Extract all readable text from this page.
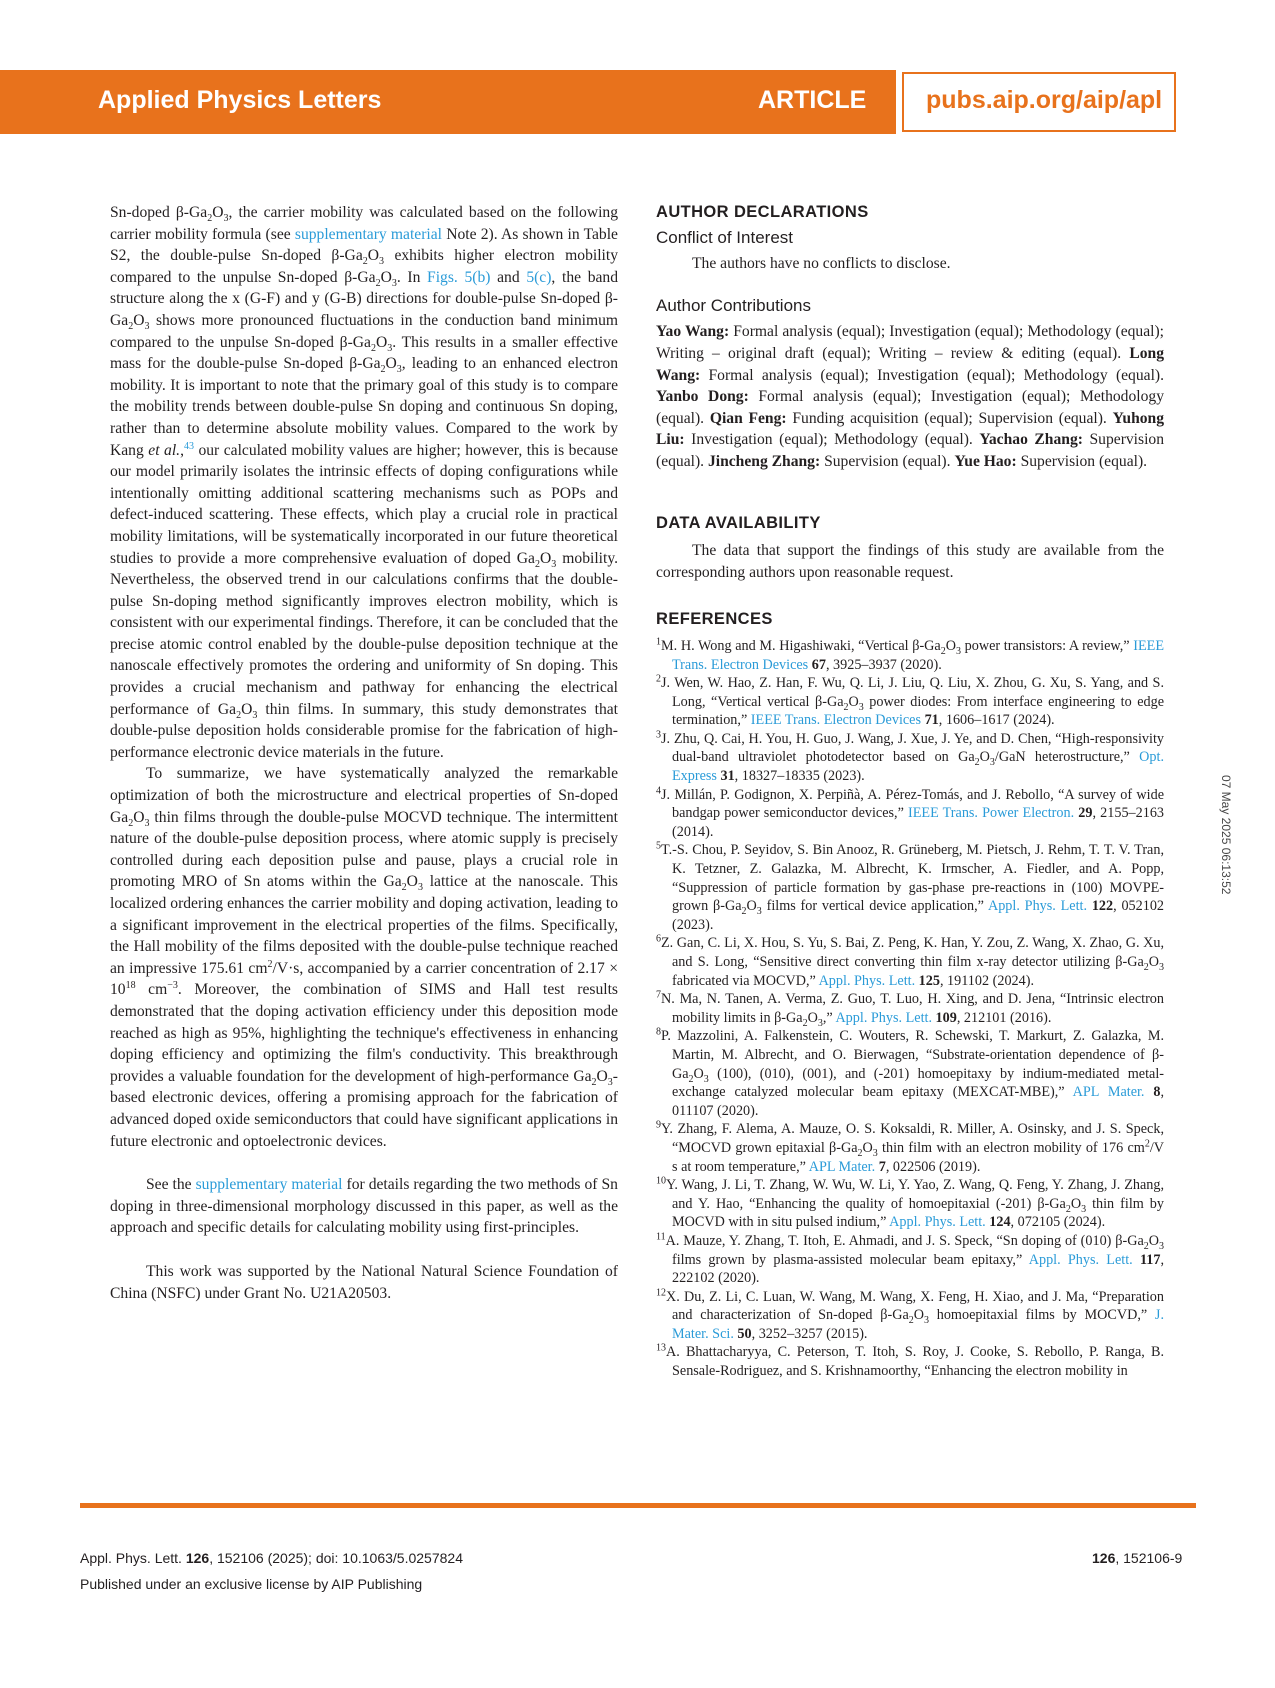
Applied Physics Letters	ARTICLE pubs.aip.org/aip/apl

Sn-doped $\beta-Ga_2O_3$, the carrier mobility was calculated based on the following carrier mobility formula (see supplementary material Note 2). As shown in Table S2, the double-pulse Sn-doped $\beta-Ga_2O_3$ exhibits higher electron mobility compared to the unpulse Sn-doped $\beta-Ga_2O_3$. In Figs. 5(b) and 5(c), the band structure along the x (G-F) and y (G-B) directions for double-pulse Sn-doped $\beta-Ga_2O_3$ shows more pronounced fluctuations in the conduction band minimum compared to the unpulse Sn-doped $\beta-Ga_2O_3$. This results in a smaller effective mass for the double-pulse Sn-doped $\beta-Ga_2O_3$, leading to an enhanced electron mobility. It is important to note that the primary goal of this study is to compare the mobility trends between double-pulse Sn doping and continuous Sn doping, rather than to determine absolute mobility values. Compared to the work by Kang et al.,$^{43}$ our calculated mobility values are higher; however, this is because our model primarily isolates the intrinsic effects of doping configurations while intentionally omitting additional scattering mechanisms such as POPs and defect-induced scattering. These effects, which play a crucial role in practical mobility limitations, will be systematically incorporated in our future theoretical studies to provide a more comprehensive evaluation of doped $Ga_2O_3$ mobility. Nevertheless, the observed trend in our calculations confirms that the double-pulse Sn-doping method significantly improves electron mobility, which is consistent with our experimental findings. Therefore, it can be concluded that the precise atomic control enabled by the double-pulse deposition technique at the nanoscale effectively promotes the ordering and uniformity of Sn doping. This provides a crucial mechanism and pathway for enhancing the electrical performance of $Ga_2O_3$ thin films. In summary, this study demonstrates that double-pulse deposition holds considerable promise for the fabrication of high-performance electronic device materials in the future.

To summarize, we have systematically analyzed the remarkable optimization of both the microstructure and electrical properties of Sn-doped $Ga_2O_3$ thin films through the double-pulse MOCVD technique. The intermittent nature of the double-pulse deposition process, where atomic supply is precisely controlled during each deposition pulse and pause, plays a crucial role in promoting MRO of Sn atoms within the $Ga_2O_3$ lattice at the nanoscale. This localized ordering enhances the carrier mobility and doping activation, leading to a significant improvement in the electrical properties of the films. Specifically, the Hall mobility of the films deposited with the double-pulse technique reached an impressive 175.61 $cm^2/V\cdot s$, accompanied by a carrier concentration of $2.17 \times 10^{18}$ $cm^{-3}$. Moreover, the combination of SIMS and Hall test results demonstrated that the doping activation efficiency under this deposition mode reached as high as 95%, highlighting the technique's effectiveness in enhancing doping efficiency and optimizing the film's conductivity. This breakthrough provides a valuable foundation for the development of high-performance $Ga_2O_3$-based electronic devices, offering a promising approach for the fabrication of advanced doped oxide semiconductors that could have significant applications in future electronic and optoelectronic devices.

See the supplementary material for details regarding the two methods of Sn doping in three-dimensional morphology discussed in this paper, as well as the approach and specific details for calculating mobility using first-principles.

This work was supported by the National Natural Science Foundation of China (NSFC) under Grant No. U21A20503.

AUTHOR DECLARATIONS

Conflict of Interest

The authors have no conflicts to disclose.

Author Contributions

Yao Wang: Formal analysis (equal); Investigation (equal); Methodology (equal); Writing – original draft (equal); Writing – review & editing (equal). Long Wang: Formal analysis (equal); Investigation (equal); Methodology (equal). Yanbo Dong: Formal analysis (equal); Investigation (equal); Methodology (equal). Qian Feng: Funding acquisition (equal); Supervision (equal). Yuhong Liu: Investigation (equal); Methodology (equal). Yachao Zhang: Supervision (equal). Jincheng Zhang: Supervision (equal). Yue Hao: Supervision (equal).

DATA AVAILABILITY

The data that support the findings of this study are available from the corresponding authors upon reasonable request.

REFERENCES

$^1$M. H. Wong and M. Higashiwaki, “Vertical $\beta-Ga_2O_3$ power transistors: A review,” IEEE Trans. Electron Devices 67, 3925–3937 (2020).

$^2$J. Wen, W. Hao, Z. Han, F. Wu, Q. Li, J. Liu, Q. Liu, X. Zhou, G. Xu, S. Yang, and S. Long, “Vertical vertical $\beta-Ga_2O_3$ power diodes: From interface engineering to edge termination,” IEEE Trans. Electron Devices 71, 1606–1617 (2024).

$^3$J. Zhu, Q. Cai, H. You, H. Guo, J. Wang, J. Xue, J. Ye, and D. Chen, “High-responsivity dual-band ultraviolet photodetector based on $Ga_2O_3$/GaN heterostructure,” Opt. Express 31, 18327–18335 (2023).

$^4$J. Millán, P. Godignon, X. Perpiñà, A. Pérez-Tomás, and J. Rebollo, “A survey of wide bandgap power semiconductor devices,” IEEE Trans. Power Electron. 29, 2155–2163 (2014).

$^5$T.-S. Chou, P. Seyidov, S. Bin Anooz, R. Grüneberg, M. Pietsch, J. Rehm, T. T. V. Tran, K. Tetzner, Z. Galazka, M. Albrecht, K. Irmscher, A. Fiedler, and A. Popp, “Suppression of particle formation by gas-phase pre-reactions in (100) MOVPE-grown $\beta-Ga_2O_3$ films for vertical device application,” Appl. Phys. Lett. 122, 052102 (2023).

$^6$Z. Gan, C. Li, X. Hou, S. Yu, S. Bai, Z. Peng, K. Han, Y. Zou, Z. Wang, X. Zhao, G. Xu, and S. Long, “Sensitive direct converting thin film x-ray detector utilizing $\beta-Ga_2O_3$ fabricated via MOCVD,” Appl. Phys. Lett. 125, 191102 (2024).

$^7$N. Ma, N. Tanen, A. Verma, Z. Guo, T. Luo, H. Xing, and D. Jena, “Intrinsic electron mobility limits in $\beta-Ga_2O_3$,” Appl. Phys. Lett. 109, 212101 (2016).

$^8$P. Mazzolini, A. Falkenstein, C. Wouters, R. Schewski, T. Markurt, Z. Galazka, M. Martin, M. Albrecht, and O. Bierwagen, “Substrate-orientation dependence of $\beta-Ga_2O_3$ (100), (010), (001), and (-201) homoepitaxy by indium-mediated metal-exchange catalyzed molecular beam epitaxy (MEXCAT-MBE),” APL Mater. 8, 011107 (2020).

$^9$Y. Zhang, F. Alema, A. Mauze, O. S. Koksaldi, R. Miller, A. Osinsky, and J. S. Speck, “MOCVD grown epitaxial $\beta-Ga_2O_3$ thin film with an electron mobility of 176 $cm^2/V$ s at room temperature,” APL Mater. 7, 022506 (2019).

$^{10}$Y. Wang, J. Li, T. Zhang, W. Wu, W. Li, Y. Yao, Z. Wang, Q. Feng, Y. Zhang, J. Zhang, and Y. Hao, “Enhancing the quality of homoepitaxial (-201) $\beta-Ga_2O_3$ thin film by MOCVD with in situ pulsed indium,” Appl. Phys. Lett. 124, 072105 (2024).

$^{11}$A. Mauze, Y. Zhang, T. Itoh, E. Ahmadi, and J. S. Speck, “Sn doping of (010) $\beta-Ga_2O_3$ films grown by plasma-assisted molecular beam epitaxy,” Appl. Phys. Lett. 117, 222102 (2020).

$^{12}$X. Du, Z. Li, C. Luan, W. Wang, M. Wang, X. Feng, H. Xiao, and J. Ma, “Preparation and characterization of Sn-doped $\beta-Ga_2O_3$ homoepitaxial films by MOCVD,” J. Mater. Sci. 50, 3252–3257 (2015).

$^{13}$A. Bhattacharyya, C. Peterson, T. Itoh, S. Roy, J. Cooke, S. Rebollo, P. Ranga, B. Sensale-Rodriguez, and S. Krishnamoorthy, “Enhancing the electron mobility in

07 May 2025 06:13:52
Appl. Phys. Lett. 126, 152106 (2025); doi: 10.1063/5.0257824
Published under an exclusive license by AIP Publishing
126, 152106-9
